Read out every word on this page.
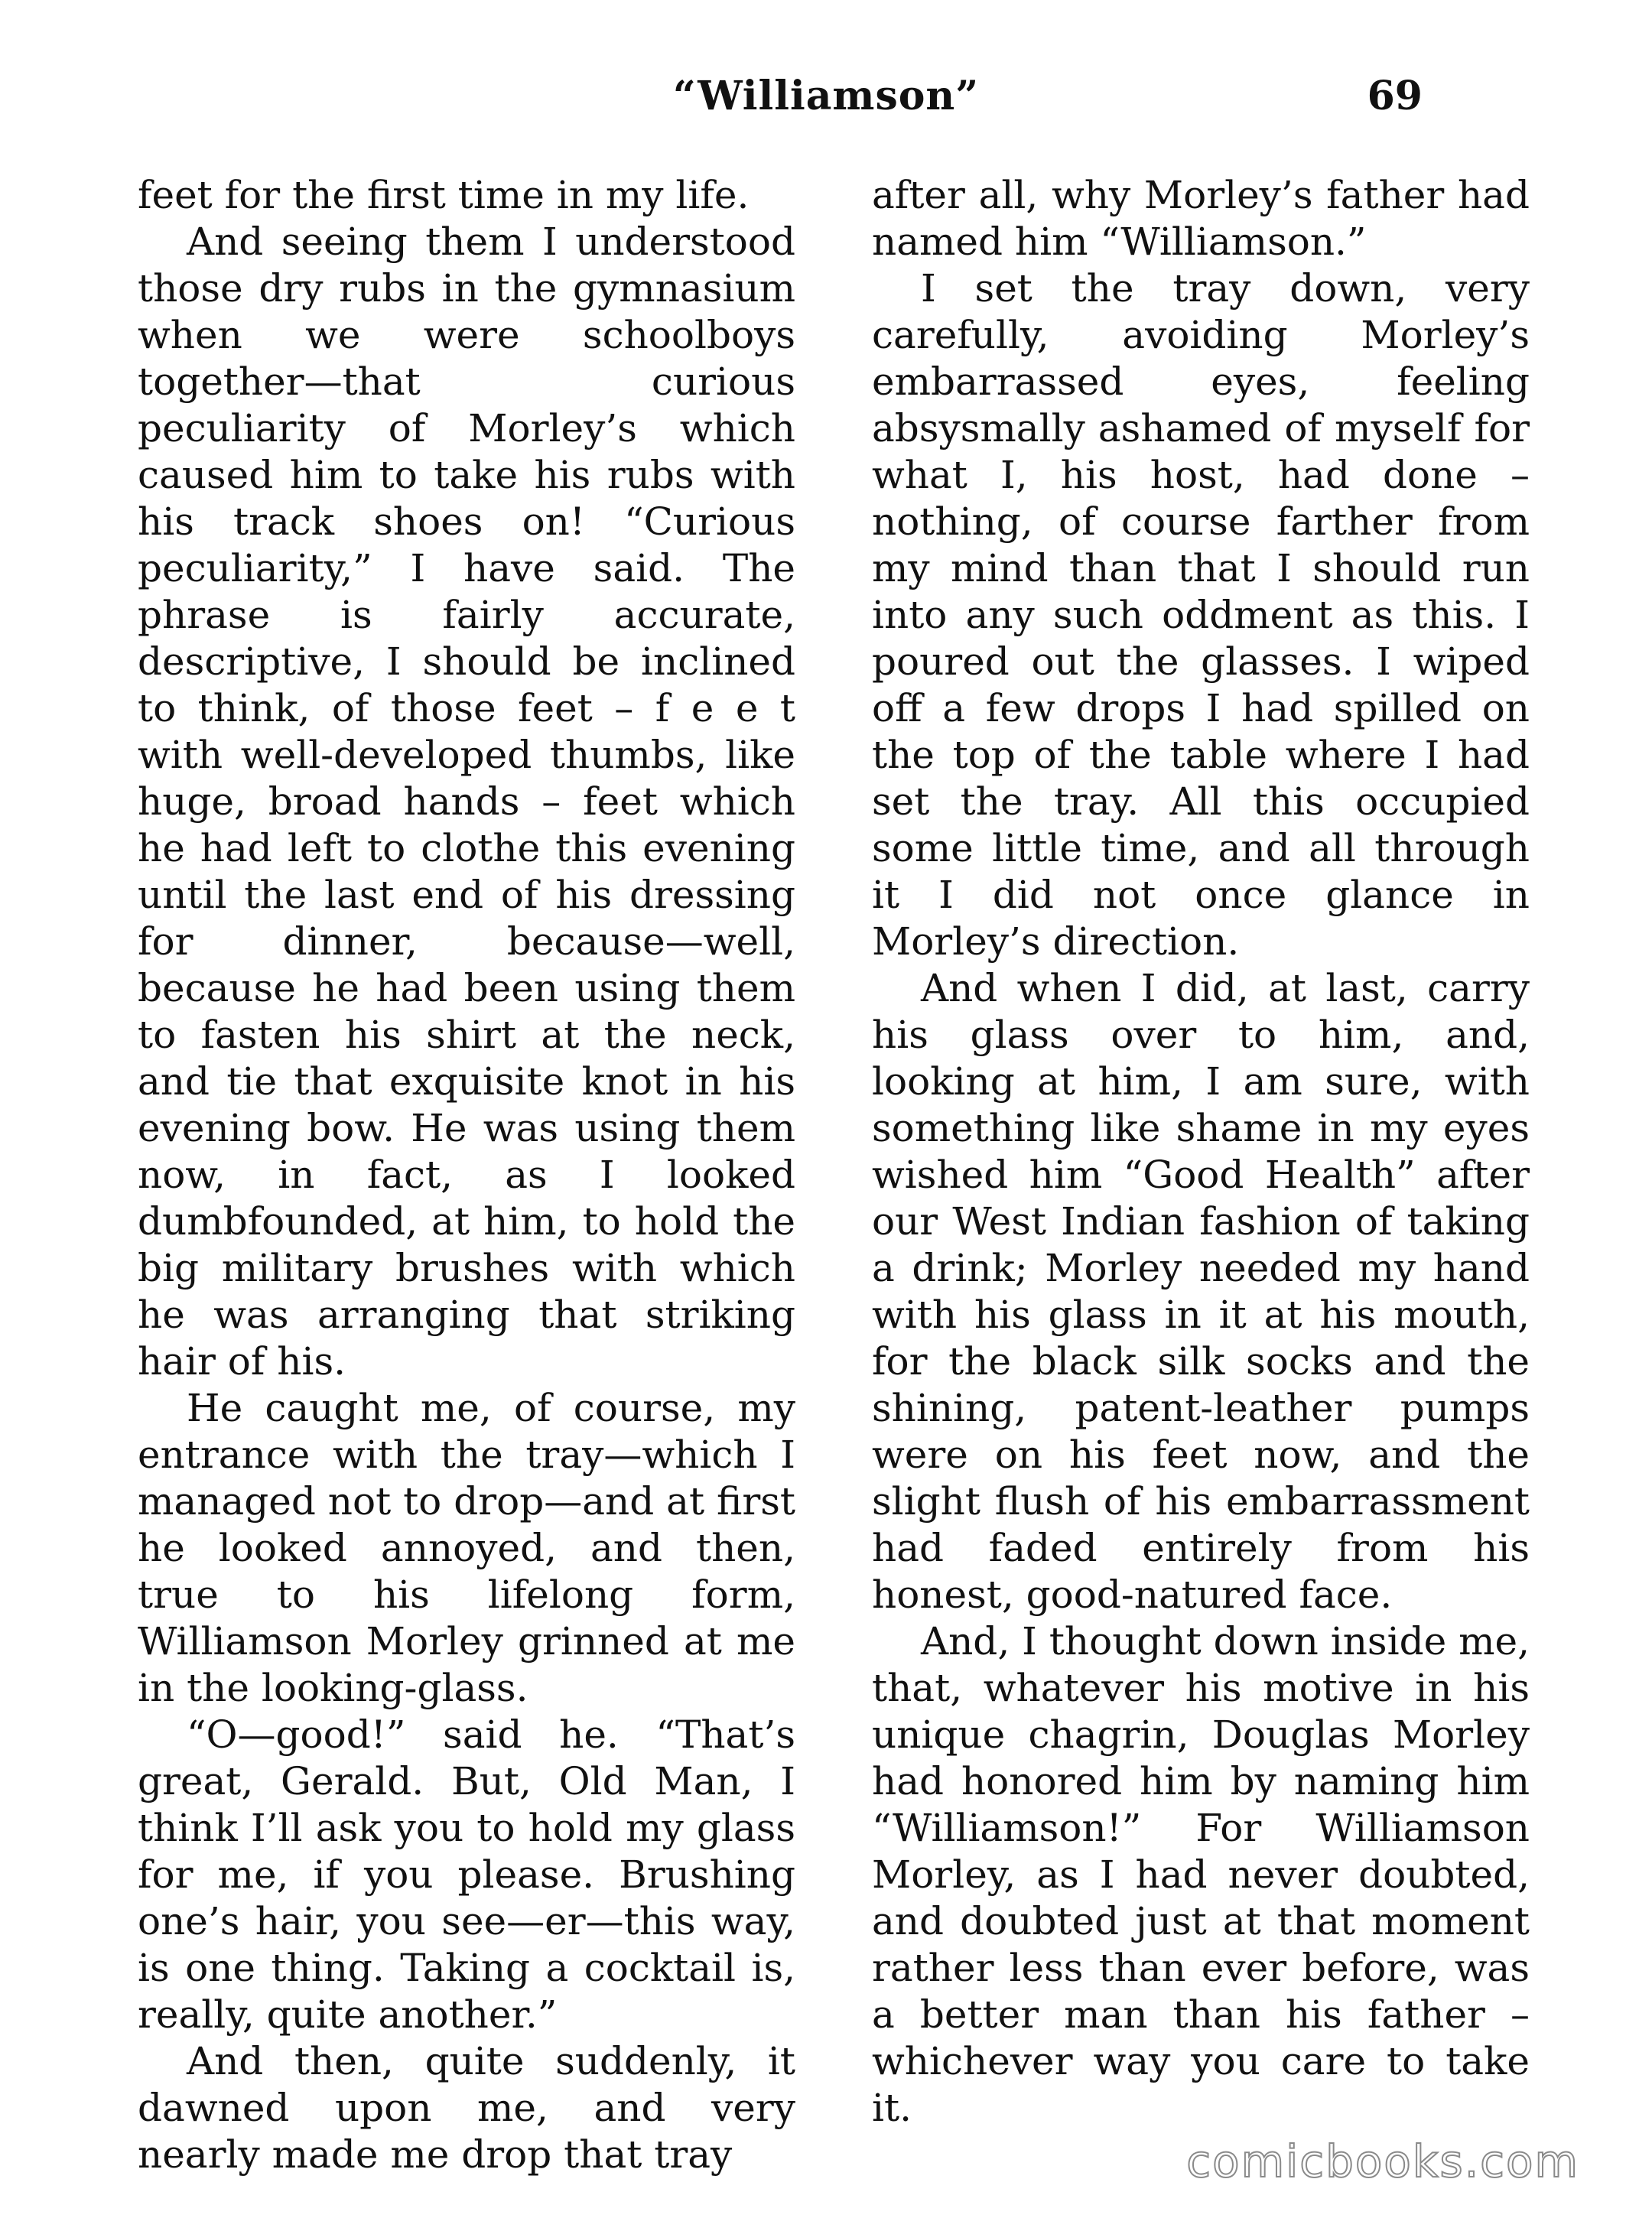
“Williamson”	69

feet for the first time in my life.

And seeing them I understood those dry rubs in the gymnasium when we were schoolboys together—that curious peculiarity of Morley’s which caused him to take his rubs with his track shoes on! “Curious peculiarity,” I have said. The phrase is fairly accurate, descriptive, I should be inclined to think, of those feet – f e e t with well-developed thumbs, like huge, broad hands – feet which he had left to clothe this evening until the last end of his dressing for dinner, because—well, because he had been using them to fasten his shirt at the neck, and tie that exquisite knot in his evening bow. He was using them now, in fact, as I looked dumbfounded, at him, to hold the big military brushes with which he was arranging that striking hair of his.

He caught me, of course, my entrance with the tray—which I managed not to drop—and at first he looked annoyed, and then, true to his lifelong form, Williamson Morley grinned at me in the looking-glass.

“O—good!” said he. “That’s great, Gerald. But, Old Man, I think I’ll ask you to hold my glass for me, if you please. Brushing one’s hair, you see—er—this way, is one thing. Taking a cocktail is, really, quite another.”

And then, quite suddenly, it dawned upon me, and very nearly made me drop that tray

after all, why Morley’s father had named him “Williamson.”

I set the tray down, very carefully, avoiding Morley’s embarrassed eyes, feeling absysmally ashamed of myself for what I, his host, had done – nothing, of course farther from my mind than that I should run into any such oddment as this. I poured out the glasses. I wiped off a few drops I had spilled on the top of the table where I had set the tray. All this occupied some little time, and all through it I did not once glance in Morley’s direction.

And when I did, at last, carry his glass over to him, and, looking at him, I am sure, with something like shame in my eyes wished him “Good Health” after our West Indian fashion of taking a drink; Morley needed my hand with his glass in it at his mouth, for the black silk socks and the shining, patent-leather pumps were on his feet now, and the slight flush of his embarrassment had faded entirely from his honest, good-natured face.

And, I thought down inside me, that, whatever his motive in his unique chagrin, Douglas Morley had honored him by naming him “Williamson!” For Williamson Morley, as I had never doubted, and doubted just at that moment rather less than ever before, was a better man than his father – whichever way you care to take it.

comicbooks.com
